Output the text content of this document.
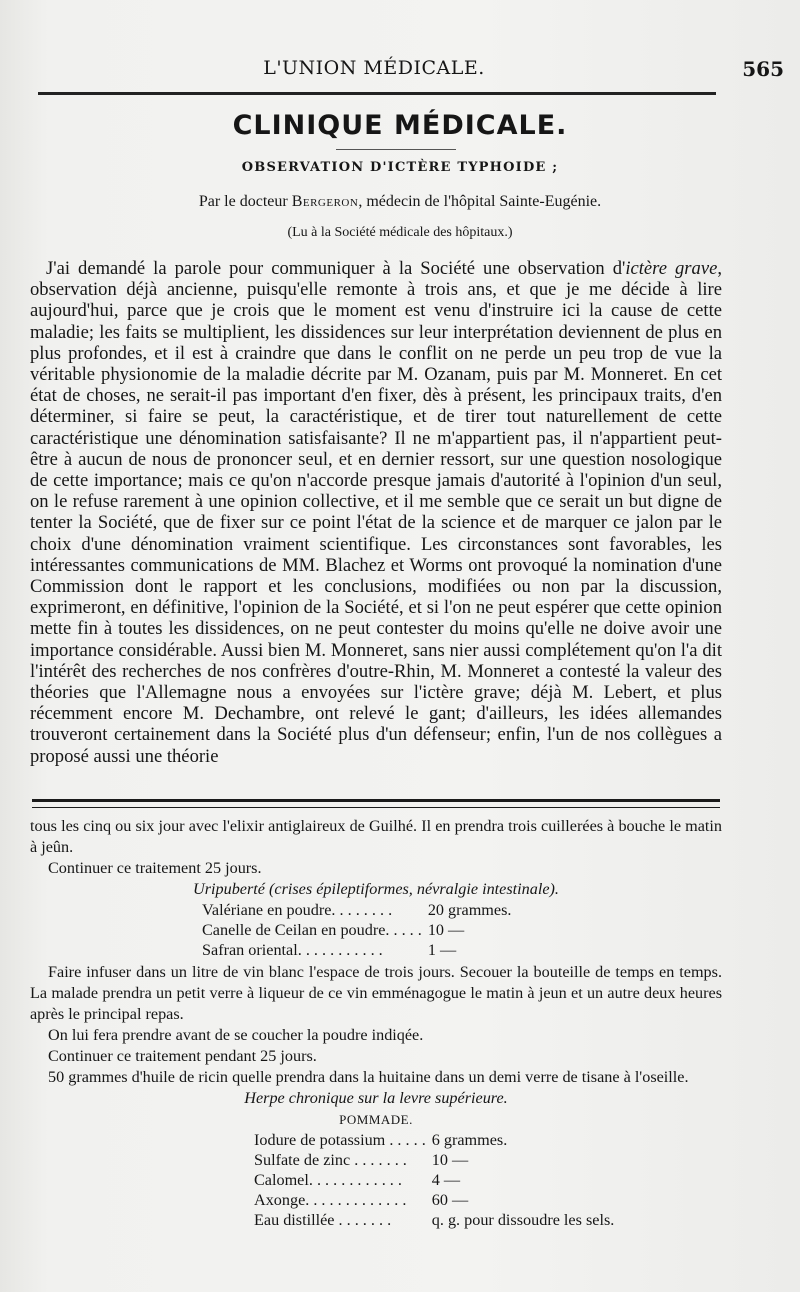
L'UNION MÉDICALE.	565
CLINIQUE MÉDICALE.
OBSERVATION D'ICTÈRE TYPHOIDE ;
Par le docteur Bergeron, médecin de l'hôpital Sainte-Eugénie.
(Lu à la Société médicale des hôpitaux.)

J'ai demandé la parole pour communiquer à la Société une observation d'ictère grave, observation déjà ancienne, puisqu'elle remonte à trois ans, et que je me décide à lire aujourd'hui, parce que je crois que le moment est venu d'instruire ici la cause de cette maladie; les faits se multiplient, les dissidences sur leur interprétation deviennent de plus en plus profondes, et il est à craindre que dans le conflit on ne perde un peu trop de vue la véritable physionomie de la maladie décrite par M. Ozanam, puis par M. Monneret. En cet état de choses, ne serait-il pas important d'en fixer, dès à présent, les principaux traits, d'en déterminer, si faire se peut, la caractéristique, et de tirer tout naturellement de cette caractéristique une dénomination satisfaisante? Il ne m'appartient pas, il n'appartient peut-être à aucun de nous de prononcer seul, et en dernier ressort, sur une question nosologique de cette importance; mais ce qu'on n'accorde presque jamais d'autorité à l'opinion d'un seul, on le refuse rarement à une opinion collective, et il me semble que ce serait un but digne de tenter la Société, que de fixer sur ce point l'état de la science et de marquer ce jalon par le choix d'une dénomination vraiment scientifique. Les circonstances sont favorables, les intéressantes communications de MM. Blachez et Worms ont provoqué la nomination d'une Commission dont le rapport et les conclusions, modifiées ou non par la discussion, exprimeront, en définitive, l'opinion de la Société, et si l'on ne peut espérer que cette opinion mette fin à toutes les dissidences, on ne peut contester du moins qu'elle ne doive avoir une importance considérable. Aussi bien M. Monneret, sans nier aussi complétement qu'on l'a dit l'intérêt des recherches de nos confrères d'outre-Rhin, M. Monneret a contesté la valeur des théories que l'Allemagne nous a envoyées sur l'ictère grave; déjà M. Lebert, et plus récemment encore M. Dechambre, ont relevé le gant; d'ailleurs, les idées allemandes trouveront certainement dans la Société plus d'un défenseur; enfin, l'un de nos collègues a proposé aussi une théorie

tous les cinq ou six jour avec l'elixir antiglaireux de Guilhé. Il en prendra trois cuillerées à bouche le matin à jeûn.

Continuer ce traitement 25 jours.

Uripuberté (crises épileptiformes, névralgie intestinale).

Valériane en poudre. . . . . . . .	20 grammes.
Canelle de Ceilan en poudre. . . . .	10 —
Safran oriental. . . . . . . . . . .	1 —

Faire infuser dans un litre de vin blanc l'espace de trois jours. Secouer la bouteille de temps en temps. La malade prendra un petit verre à liqueur de ce vin emménagogue le matin à jeun et un autre deux heures après le principal repas.

On lui fera prendre avant de se coucher la poudre indiqée.

Continuer ce traitement pendant 25 jours.

50 grammes d'huile de ricin quelle prendra dans la huitaine dans un demi verre de tisane à l'oseille.

Herpe chronique sur la levre supérieure.

POMMADE.

Iodure de potassium . . . . .	6 grammes.
Sulfate de zinc . . . . . . .	10 —
Calomel. . . . . . . . . . . .	4 —
Axonge. . . . . . . . . . . . .	60 —
Eau distillée . . . . . . .	q. g. pour dissoudre les sels.
